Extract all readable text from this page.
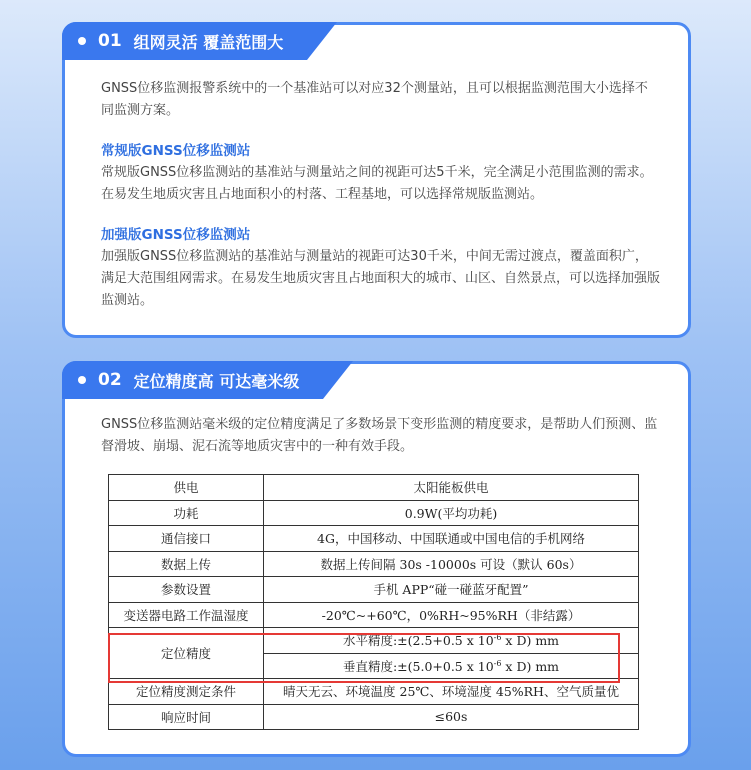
01 组网灵活 覆盖范围大

GNSS位移监测报警系统中的一个基准站可以对应32个测量站，且可以根据监测范围大小选择不同监测方案。

常规版GNSS位移监测站

常规版GNSS位移监测站的基准站与测量站之间的视距可达5千米，完全满足小范围监测的需求。在易发生地质灾害且占地面积小的村落、工程基地，可以选择常规版监测站。

加强版GNSS位移监测站

加强版GNSS位移监测站的基准站与测量站的视距可达30千米，中间无需过渡点，覆盖面积广，满足大范围组网需求。在易发生地质灾害且占地面积大的城市、山区、自然景点，可以选择加强版监测站。

02 定位精度高 可达毫米级

GNSS位移监测站毫米级的定位精度满足了多数场景下变形监测的精度要求，是帮助人们预测、监督滑坡、崩塌、泥石流等地质灾害中的一种有效手段。

供电	太阳能板供电
功耗	0.9W(平均功耗)
通信接口	4G，中国移动、中国联通或中国电信的手机网络
数据上传	数据上传间隔 30s -10000s 可设（默认 60s）
参数设置	手机 APP“碰一碰蓝牙配置”
变送器电路工作温湿度	-20℃~+60℃，0%RH~95%RH（非结露）
定位精度	水平精度:±(2.5+0.5 x $10^{-6}$ x D) mm
	垂直精度:±(5.0+0.5 x $10^{-6}$ x D) mm
定位精度测定条件	晴天无云、环境温度 25℃、环境湿度 45%RH、空气质量优
响应时间	≤60s
